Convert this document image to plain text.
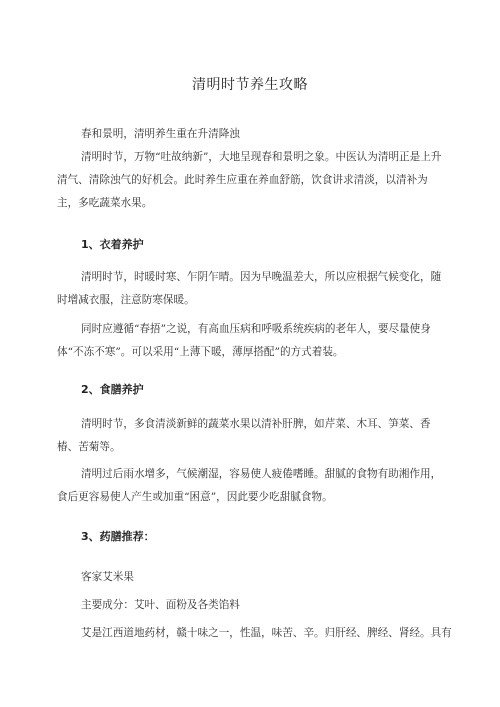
清明时节养生攻略
春和景明，清明养生重在升清降浊
清明时节，万物“吐故纳新”，大地呈现春和景明之象。中医认为清明正是上升清气、清除浊气的好机会。此时养生应重在养血舒筋，饮食讲求清淡，以清补为主，多吃蔬菜水果。
1、衣着养护
清明时节，时暖时寒、乍阴乍晴。因为早晚温差大，所以应根据气候变化，随时增减衣服，注意防寒保暖。
同时应遵循“春捂”之说，有高血压病和呼吸系统疾病的老年人，要尽量使身体“不冻不寒”。可以采用“上薄下暖，薄厚搭配”的方式着装。
2、食膳养护
清明时节，多食清淡新鲜的蔬菜水果以清补肝脾，如芹菜、木耳、笋菜、香椿、苦菊等。
清明过后雨水增多，气候潮湿，容易使人疲倦嗜睡。甜腻的食物有助湘作用，食后更容易使人产生或加重“困意”，因此要少吃甜腻食物。
3、药膳推荐：
客家艾米果
主要成分：艾叶、面粉及各类馅料
艾是江西道地药材，赣十味之一，性温，味苦、辛。归肝经、脾经、肾经。具有
